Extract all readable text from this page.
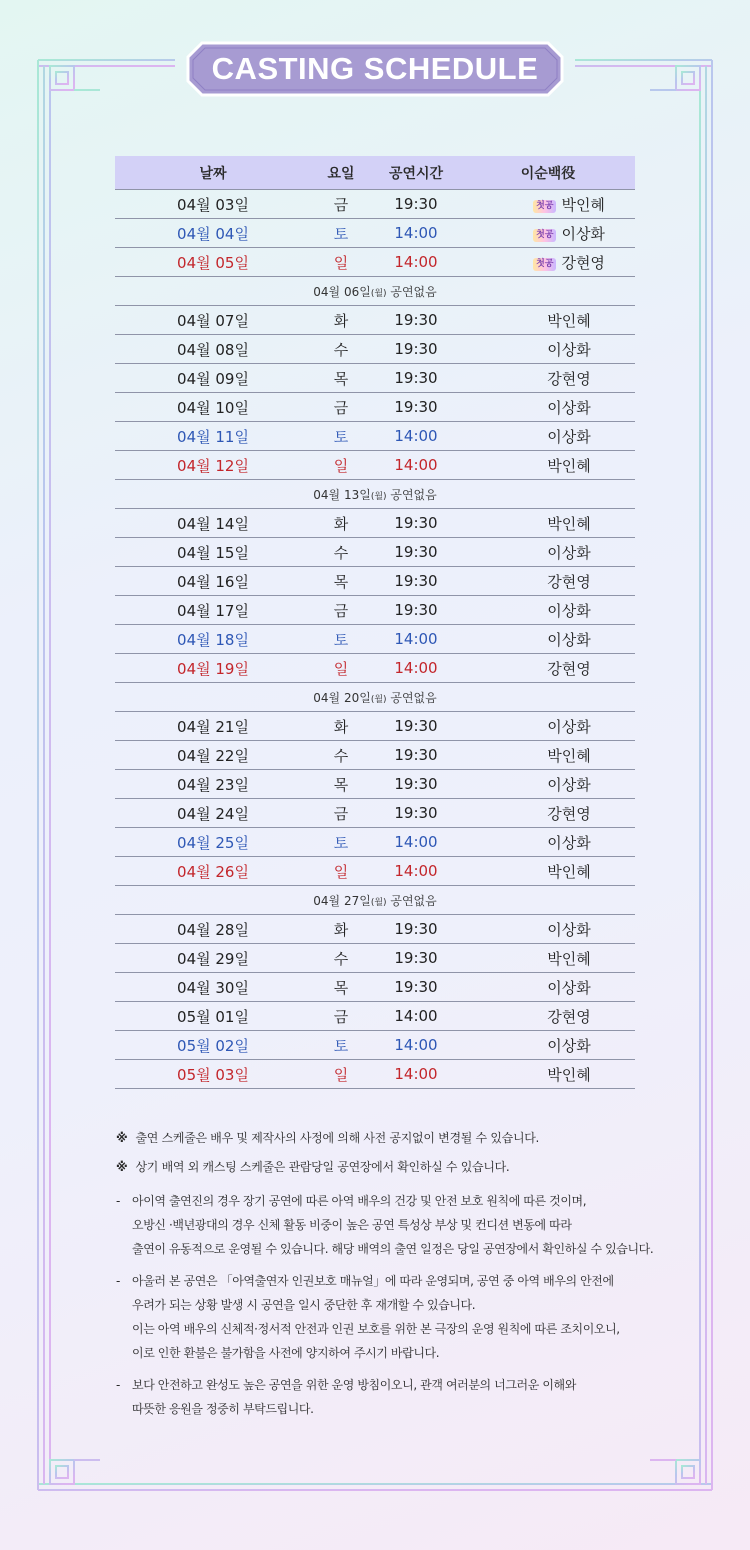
CASTING SCHEDULE
날짜	요일	공연시간	이순백役
04월 03일	금	19:30	첫공 박인혜
04월 04일	토	14:00	첫공 이상화
04월 05일	일	14:00	첫공 강현영
04월 06일(월) 공연없음			
04월 07일	화	19:30	박인혜
04월 08일	수	19:30	이상화
04월 09일	목	19:30	강현영
04월 10일	금	19:30	이상화
04월 11일	토	14:00	이상화
04월 12일	일	14:00	박인혜
04월 13일(월) 공연없음			
04월 14일	화	19:30	박인혜
04월 15일	수	19:30	이상화
04월 16일	목	19:30	강현영
04월 17일	금	19:30	이상화
04월 18일	토	14:00	이상화
04월 19일	일	14:00	강현영
04월 20일(월) 공연없음			
04월 21일	화	19:30	이상화
04월 22일	수	19:30	박인혜
04월 23일	목	19:30	이상화
04월 24일	금	19:30	강현영
04월 25일	토	14:00	이상화
04월 26일	일	14:00	박인혜
04월 27일(월) 공연없음			
04월 28일	화	19:30	이상화
04월 29일	수	19:30	박인혜
04월 30일	목	19:30	이상화
05월 01일	금	14:00	강현영
05월 02일	토	14:00	이상화
05월 03일	일	14:00	박인혜
※ 출연 스케줄은 배우 및 제작사의 사정에 의해 사전 공지없이 변경될 수 있습니다.
※ 상기 배역 외 캐스팅 스케줄은 관람당일 공연장에서 확인하실 수 있습니다.
- 아이역 출연진의 경우 장기 공연에 따른 아역 배우의 건강 및 안전 보호 원칙에 따른 것이며,
오방신 ·백년광대의 경우 신체 활동 비중이 높은 공연 특성상 부상 및 컨디션 변동에 따라
출연이 유동적으로 운영될 수 있습니다. 해당 배역의 출연 일정은 당일 공연장에서 확인하실 수 있습니다.
- 아울러 본 공연은 「아역출연자 인권보호 매뉴얼」에 따라 운영되며, 공연 중 아역 배우의 안전에
우려가 되는 상황 발생 시 공연을 일시 중단한 후 재개할 수 있습니다.
이는 아역 배우의 신체적·정서적 안전과 인권 보호를 위한 본 극장의 운영 원칙에 따른 조치이오니,
이로 인한 환불은 불가함을 사전에 양지하여 주시기 바랍니다.
- 보다 안전하고 완성도 높은 공연을 위한 운영 방침이오니, 관객 여러분의 너그러운 이해와
따뜻한 응원을 정중히 부탁드립니다.
